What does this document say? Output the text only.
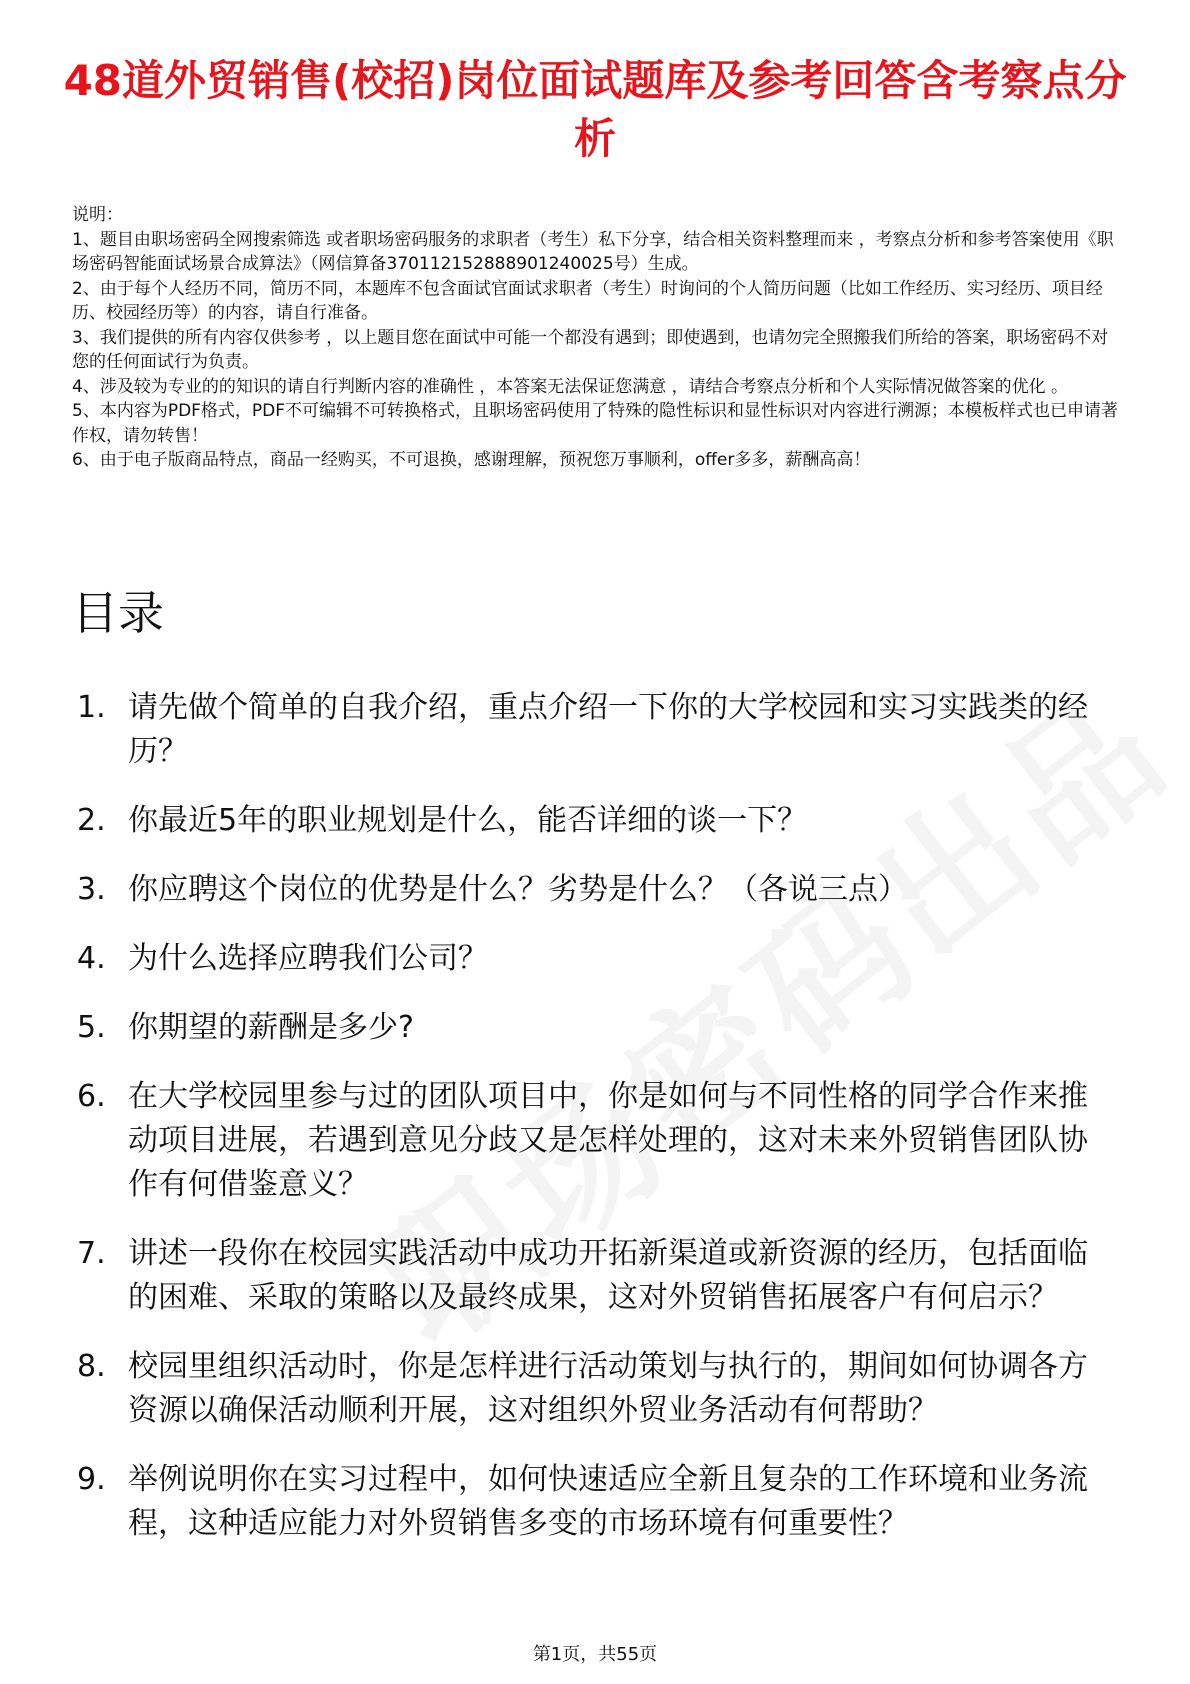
48道外贸销售(校招)岗位面试题库及参考回答含考察点分析

说明：

1、题目由职场密码全网搜索筛选 或者职场密码服务的求职者（考生）私下分享，结合相关资料整理而来 ，考察点分析和参考答案使用《职场密码智能面试场景合成算法》（网信算备370112152888901240025号）生成。

2、由于每个人经历不同，简历不同，本题库不包含面试官面试求职者（考生）时询问的个人简历问题（比如工作经历、实习经历、项目经历、校园经历等）的内容，请自行准备。

3、我们提供的所有内容仅供参考 ，以上题目您在面试中可能一个都没有遇到；即使遇到，也请勿完全照搬我们所给的答案，职场密码不对您的任何面试行为负责。

4、涉及较为专业的的知识的请自行判断内容的准确性 ，本答案无法保证您满意 ，请结合考察点分析和个人实际情况做答案的优化 。

5、本内容为PDF格式，PDF不可编辑不可转换格式，且职场密码使用了特殊的隐性标识和显性标识对内容进行溯源；本模板样式也已申请著作权，请勿转售！

6、由于电子版商品特点，商品一经购买，不可退换，感谢理解，预祝您万事顺利，offer多多，薪酬高高！

目录
1. 请先做个简单的自我介绍，重点介绍一下你的大学校园和实习实践类的经历？
2. 你最近5年的职业规划是什么，能否详细的谈一下？
3. 你应聘这个岗位的优势是什么？劣势是什么？（各说三点）
4. 为什么选择应聘我们公司？
5. 你期望的薪酬是多少?
6. 在大学校园里参与过的团队项目中，你是如何与不同性格的同学合作来推动项目进展，若遇到意见分歧又是怎样处理的，这对未来外贸销售团队协作有何借鉴意义？
7. 讲述一段你在校园实践活动中成功开拓新渠道或新资源的经历，包括面临的困难、采取的策略以及最终成果，这对外贸销售拓展客户有何启示？
8. 校园里组织活动时，你是怎样进行活动策划与执行的，期间如何协调各方资源以确保活动顺利开展，这对组织外贸业务活动有何帮助？
9. 举例说明你在实习过程中，如何快速适应全新且复杂的工作环境和业务流程，这种适应能力对外贸销售多变的市场环境有何重要性？
第1页，共55页
